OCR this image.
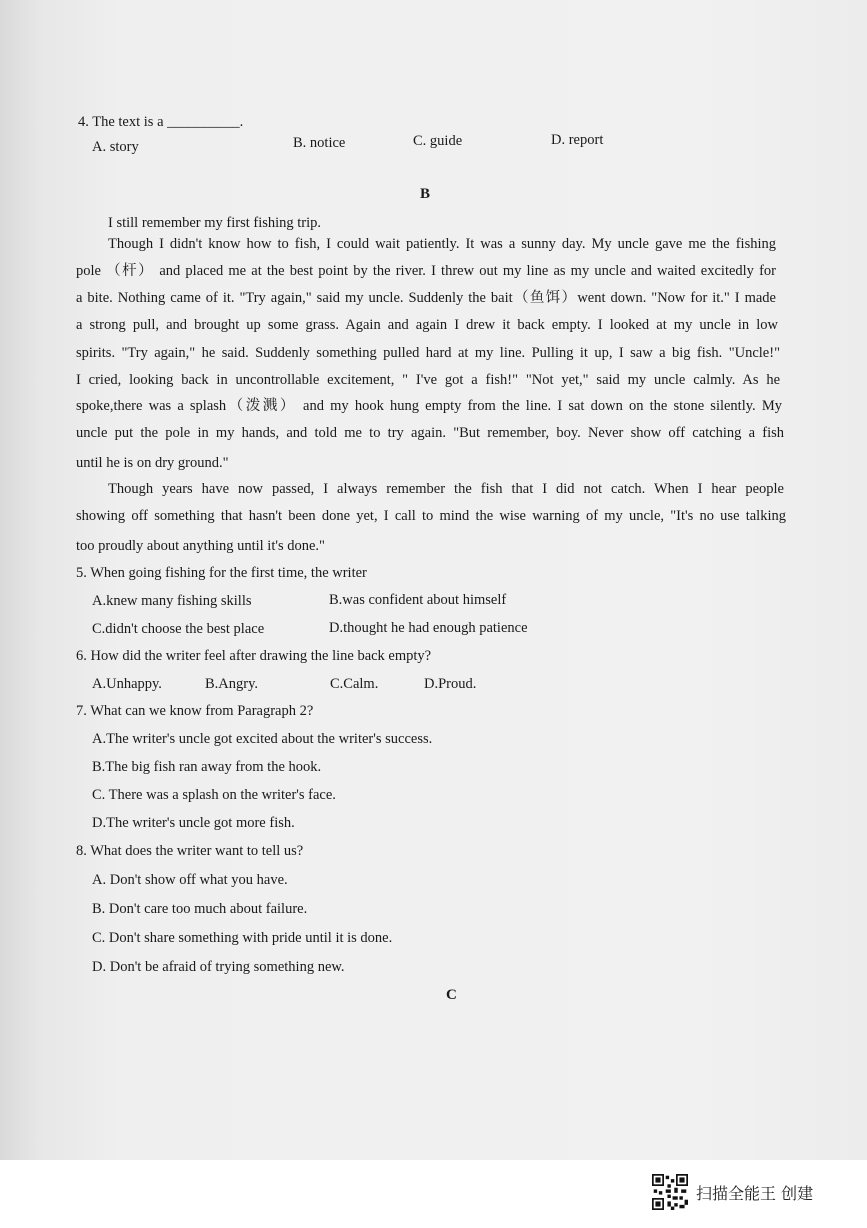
4. The text is a __________.
A. story	B. notice	C. guide	D. report
B
I still remember my first fishing trip.
Though I didn't know how to fish, I could wait patiently. It was a sunny day. My uncle gave me the fishing
pole （杆） and placed me at the best point by the river. I threw out my line as my uncle and waited excitedly for
a bite. Nothing came of it. "Try again," said my uncle. Suddenly the bait（鱼饵）went down. "Now for it." I made
a strong pull, and brought up some grass. Again and again I drew it back empty. I looked at my uncle in low
spirits. "Try again," he said. Suddenly something pulled hard at my line. Pulling it up, I saw a big fish. "Uncle!"
I cried, looking back in uncontrollable excitement, " I've got a fish!" "Not yet," said my uncle calmly. As he
spoke,there was a splash（泼溅） and my hook hung empty from the line. I sat down on the stone silently. My
uncle put the pole in my hands, and told me to try again. "But remember, boy. Never show off catching a fish
until he is on dry ground."
Though years have now passed, I always remember the fish that I did not catch. When I hear people
showing off something that hasn't been done yet, I call to mind the wise warning of my uncle, "It's no use talking
too proudly about anything until it's done."
5. When going fishing for the first time, the writer
A.knew many fishing skills	B.was confident about himself
C.didn't choose the best place	D.thought he had enough patience
6. How did the writer feel after drawing the line back empty?
A.Unhappy.	B.Angry.	C.Calm.	D.Proud.
7. What can we know from Paragraph 2?
A.The writer's uncle got excited about the writer's success.
B.The big fish ran away from the hook.
C. There was a splash on the writer's face.
D.The writer's uncle got more fish.
8. What does the writer want to tell us?
A. Don't show off what you have.
B. Don't care too much about failure.
C. Don't share something with pride until it is done.
D. Don't be afraid of trying something new.
C
扫描全能王 创建
